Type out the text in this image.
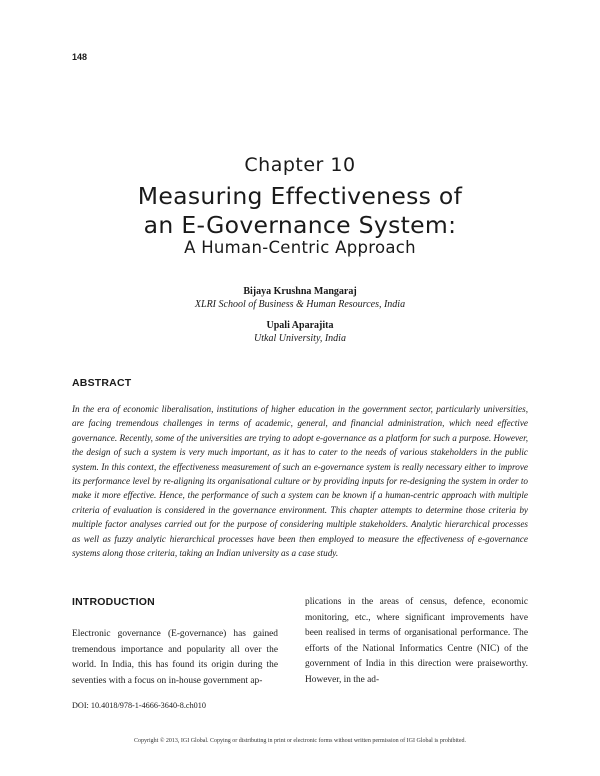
148
Chapter 10
Measuring Effectiveness of
an E-Governance System:
A Human-Centric Approach
Bijaya Krushna Mangaraj
XLRI School of Business & Human Resources, India
Upali Aparajita
Utkal University, India
ABSTRACT
In the era of economic liberalisation, institutions of higher education in the government sector, particularly universities, are facing tremendous challenges in terms of academic, general, and financial administration, which need effective governance. Recently, some of the universities are trying to adopt e-governance as a platform for such a purpose. However, the design of such a system is very much important, as it has to cater to the needs of various stakeholders in the public system. In this context, the effectiveness measurement of such an e-governance system is really necessary either to improve its performance level by re-aligning its organisational culture or by providing inputs for re-designing the system in order to make it more effective. Hence, the performance of such a system can be known if a human-centric approach with multiple criteria of evaluation is considered in the governance environment. This chapter attempts to determine those criteria by multiple factor analyses carried out for the purpose of considering multiple stakeholders. Analytic hierarchical processes as well as fuzzy analytic hierarchical processes have been then employed to measure the effectiveness of e-governance systems along those criteria, taking an Indian university as a case study.
INTRODUCTION
Electronic governance (E-governance) has gained tremendous importance and popularity all over the world. In India, this has found its origin during the seventies with a focus on in-house government ap-
plications in the areas of census, defence, economic monitoring, etc., where significant improvements have been realised in terms of organisational performance. The efforts of the National Informatics Centre (NIC) of the government of India in this direction were praiseworthy. However, in the ad-
DOI: 10.4018/978-1-4666-3640-8.ch010
Copyright © 2013, IGI Global. Copying or distributing in print or electronic forms without written permission of IGI Global is prohibited.
